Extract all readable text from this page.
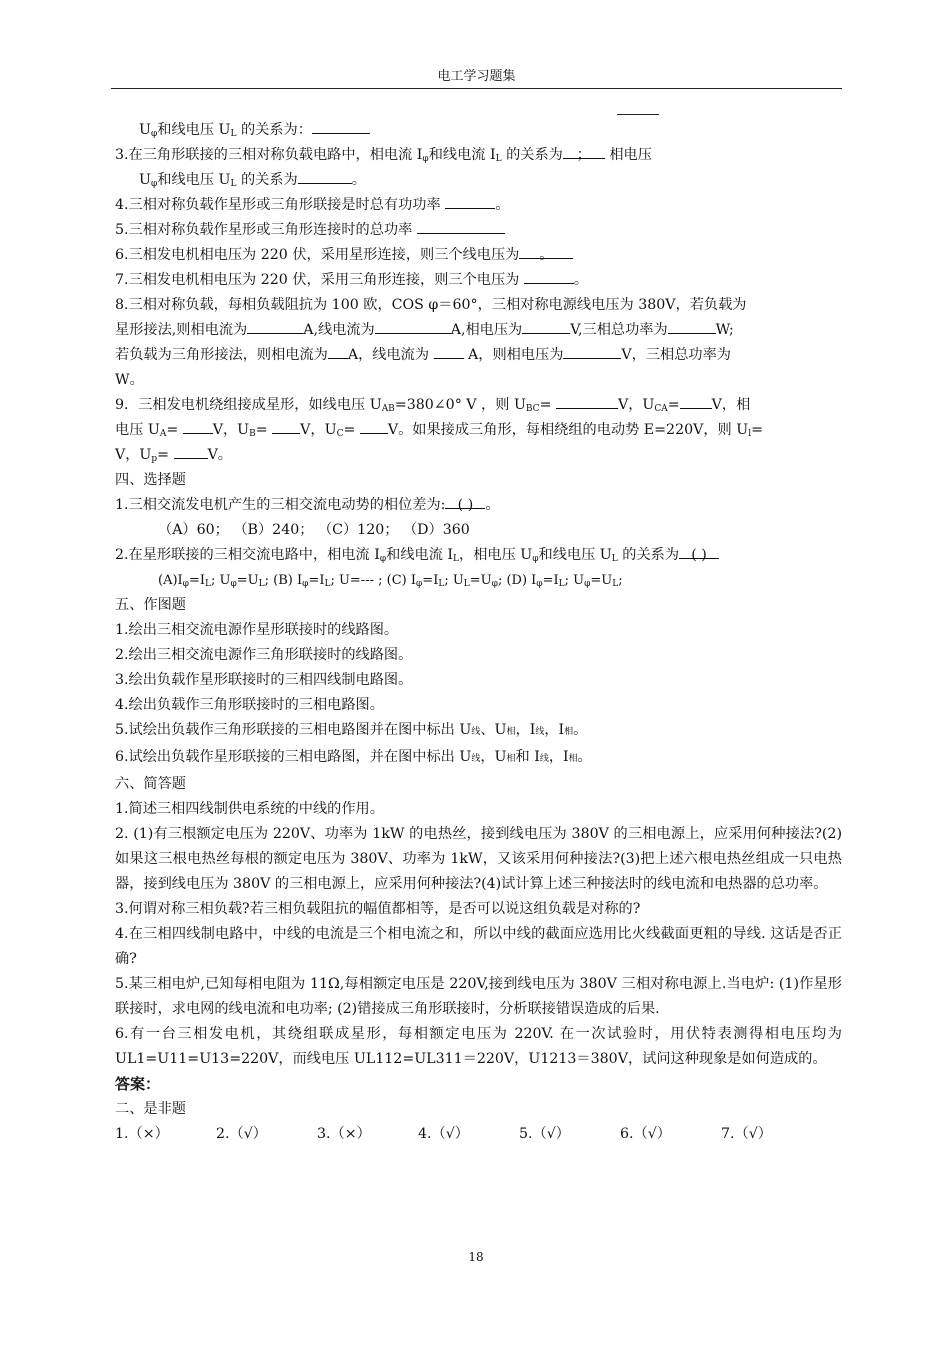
电工学习题集

$U_\varphi$和线电压 $U_L$ 的关系为：

3.在三角形联接的三相对称负载电路中，相电流 $I_\varphi$和线电流 $I_L$ 的关系为 ； 相电压

$U_\varphi$和线电压 $U_L$ 的关系为	。

4.三相对称负载作星形或三角形联接是时总有功功率	。

5.三相对称负载作星形或三角形连接时的总功率

6.三相发电机相电压为 220 伏，采用星形连接，则三个线电压为 。

7.三相发电机相电压为 220 伏，采用三角形连接，则三个电压为	。

8.三相对称负载，每相负载阻抗为 100 欧，COS φ＝60°，三相对称电源线电压为 380V，若负载为

星形接法,则相电流为	A,线电流为	A,相电压为	V,三相总功率为	W;

若负载为三角形接法，则相电流为 A，线电流为  A，则相电压为	V，三相总功率为

W。

9．三相发电机绕组接成星形，如线电压 $U_{AB}=380\angle 0^\circ$ V ，则 $U_{BC}=$	V，$U_{CA}= V$，相

电压 $U_A= V$，$U_B= V$，$U_C= V$。如果接成三角形，每相绕组的电动势 E=220V，则 $U_l=$

V，$U_p= V$。

四、选择题

1.三相交流发电机产生的三相交流电动势的相位差为: ( ) 。

（A）60； （B）240； （C）120； （D）360

2.在星形联接的三相交流电路中，相电流 $I_\varphi$和线电流 $I_L$，相电压 $U_\varphi$和线电压 $U_L$ 的关系为 ( )

$(A)I_\varphi=I_L$; $U_\varphi=U_L$; (B) $I_\varphi=I_L$; U=--- ; (C) $I_\varphi=I_L$; $U_L=U_\varphi$; (D) $I_\varphi=I_L$; $U_\varphi=U_L$;

五、作图题

1.绘出三相交流电源作星形联接时的线路图。

2.绘出三相交流电源作三角形联接时的线路图。

3.绘出负载作星形联接时的三相四线制电路图。

4.绘出负载作三角形联接时的三相电路图。

5.试绘出负载作三角形联接的三相电路图并在图中标出 U线、U相，I线，I相。

6.试绘出负载作星形联接的三相电路图，并在图中标出 U线，U相和 I线，I相。

六、简答题

1.简述三相四线制供电系统的中线的作用。

2. (1)有三根额定电压为 220V、功率为 1kW 的电热丝，接到线电压为 380V 的三相电源上，应采用何种接法?(2)如果这三根电热丝每根的额定电压为 380V、功率为 1kW，又该采用何种接法?(3)把上述六根电热丝组成一只电热器，接到线电压为 380V 的三相电源上，应采用何种接法?(4)试计算上述三种接法时的线电流和电热器的总功率。

3.何谓对称三相负载?若三相负载阻抗的幅值都相等，是否可以说这组负载是对称的?

4.在三相四线制电路中，中线的电流是三个相电流之和，所以中线的截面应选用比火线截面更粗的导线. 这话是否正确?

5.某三相电炉,已知每相电阻为 11Ω,每相额定电压是 220V,接到线电压为 380V 三相对称电源上.当电炉: (1)作星形联接时，求电网的线电流和电功率; (2)错接成三角形联接时，分析联接错误造成的后果.

6.有一台三相发电机，其绕组联成星形，每相额定电压为 220V. 在一次试验时，用伏特表测得相电压均为 UL1=U11=U13=220V，而线电压 UL112=UL311＝220V，U1213＝380V，试问这种现象是如何造成的。

答案：

二、是非题

1.（×）	2.（√）	3.（×）	4.（√）	5.（√）	6.（√）	7.（√）

18
